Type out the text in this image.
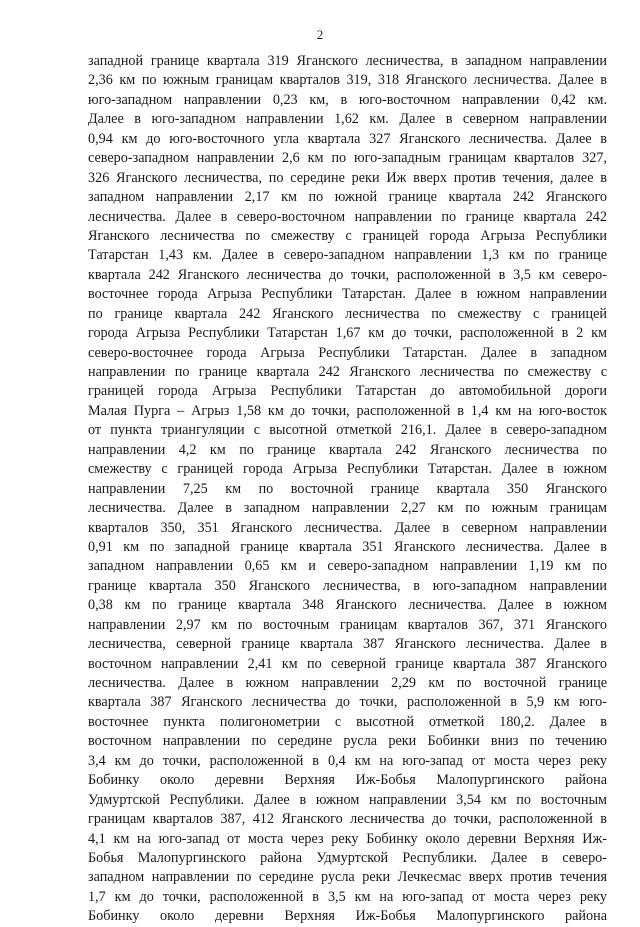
2

западной границе квартала 319 Яганского лесничества, в западном направлении
2,36 км по южным границам кварталов 319, 318 Яганского лесничества. Далее в
юго-западном направлении 0,23 км, в юго-восточном направлении 0,42 км.
Далее в юго-западном направлении 1,62 км. Далее в северном направлении
0,94 км до юго-восточного угла квартала 327 Яганского лесничества. Далее в
северо-западном направлении 2,6 км по юго-западным границам кварталов 327,
326 Яганского лесничества, по середине реки Иж вверх против течения, далее в
западном направлении 2,17 км по южной границе квартала 242 Яганского
лесничества. Далее в северо-восточном направлении по границе квартала 242
Яганского лесничества по смежеству с границей города Агрыза Республики
Татарстан 1,43 км. Далее в северо-западном направлении 1,3 км по границе
квартала 242 Яганского лесничества до точки, расположенной в 3,5 км северо-
восточнее города Агрыза Республики Татарстан. Далее в южном направлении
по границе квартала 242 Яганского лесничества по смежеству с границей
города Агрыза Республики Татарстан 1,67 км до точки, расположенной в 2 км
северо-восточнее города Агрыза Республики Татарстан. Далее в западном
направлении по границе квартала 242 Яганского лесничества по смежеству с
границей города Агрыза Республики Татарстан до автомобильной дороги
Малая Пурга – Агрыз 1,58 км до точки, расположенной в 1,4 км на юго-восток
от пункта триангуляции с высотной отметкой 216,1. Далее в северо-западном
направлении 4,2 км по границе квартала 242 Яганского лесничества по
смежеству с границей города Агрыза Республики Татарстан. Далее в южном
направлении 7,25 км по восточной границе квартала 350 Яганского
лесничества. Далее в западном направлении 2,27 км по южным границам
кварталов 350, 351 Яганского лесничества. Далее в северном направлении
0,91 км по западной границе квартала 351 Яганского лесничества. Далее в
западном направлении 0,65 км и северо-западном направлении 1,19 км по
границе квартала 350 Яганского лесничества, в юго-западном направлении
0,38 км по границе квартала 348 Яганского лесничества. Далее в южном
направлении 2,97 км по восточным границам кварталов 367, 371 Яганского
лесничества, северной границе квартала 387 Яганского лесничества. Далее в
восточном направлении 2,41 км по северной границе квартала 387 Яганского
лесничества. Далее в южном направлении 2,29 км по восточной границе
квартала 387 Яганского лесничества до точки, расположенной в 5,9 км юго-
восточнее пункта полигонометрии с высотной отметкой 180,2. Далее в
восточном направлении по середине русла реки Бобинки вниз по течению
3,4 км до точки, расположенной в 0,4 км на юго-запад от моста через реку
Бобинку около деревни Верхняя Иж-Бобья Малопургинского района
Удмуртской Республики. Далее в южном направлении 3,54 км по восточным
границам кварталов 387, 412 Яганского лесничества до точки, расположенной в
4,1 км на юго-запад от моста через реку Бобинку около деревни Верхняя Иж-
Бобья Малопургинского района Удмуртской Республики. Далее в северо-
западном направлении по середине русла реки Лечкесмас вверх против течения
1,7 км до точки, расположенной в 3,5 км на юго-запад от моста через реку
Бобинку около деревни Верхняя Иж-Бобья Малопургинского района
